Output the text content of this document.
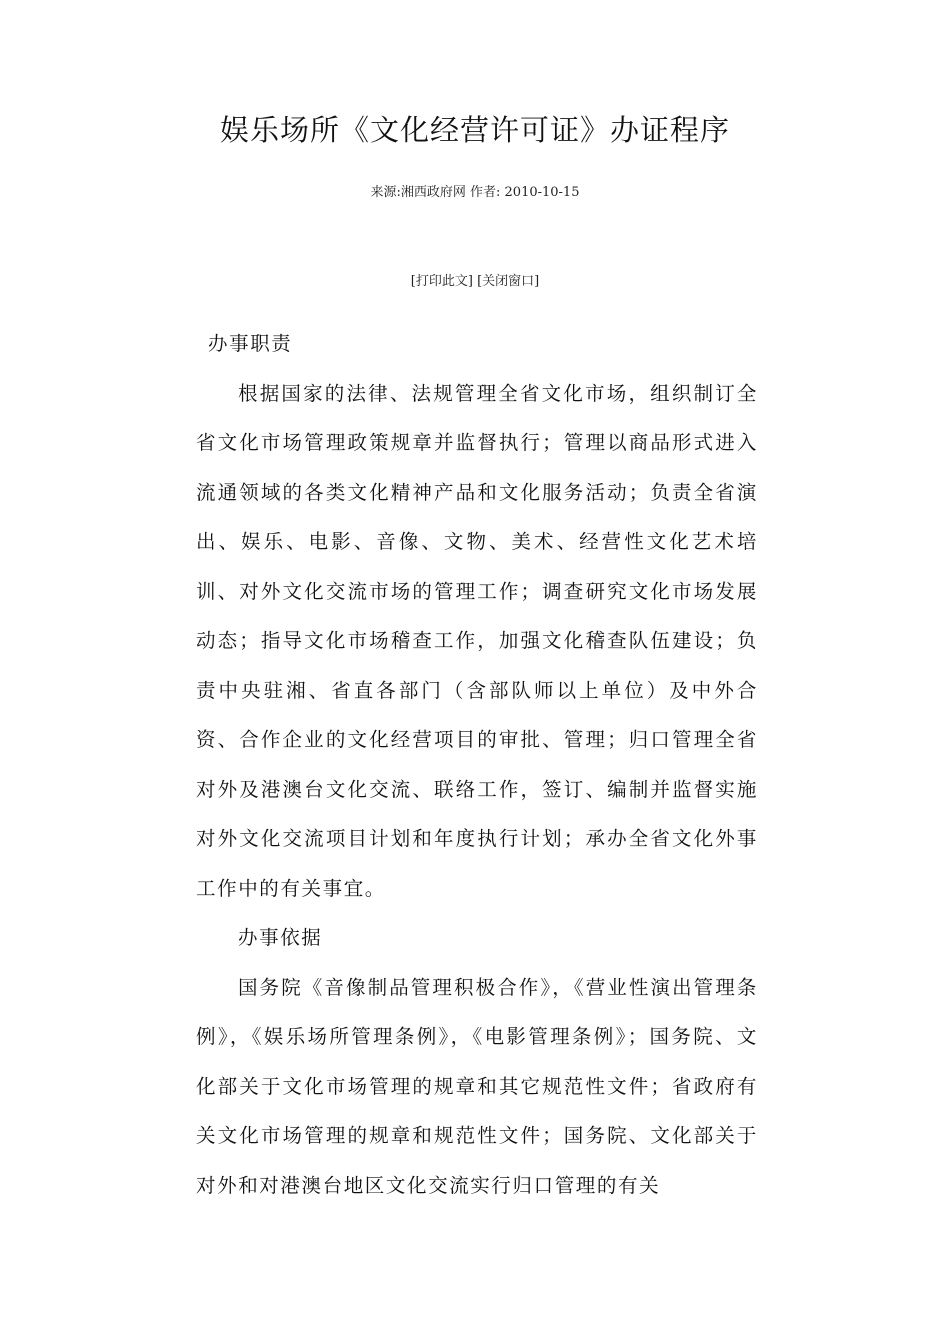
娱乐场所《文化经营许可证》办证程序
来源:湘西政府网 作者: 2010-10-15
[打印此文] [关闭窗口]

办事职责

根据国家的法律、法规管理全省文化市场，组织制订全省文化市场管理政策规章并监督执行；管理以商品形式进入流通领域的各类文化精神产品和文化服务活动；负责全省演出、娱乐、电影、音像、文物、美术、经营性文化艺术培训、对外文化交流市场的管理工作；调查研究文化市场发展动态；指导文化市场稽查工作，加强文化稽查队伍建设；负责中央驻湘、省直各部门（含部队师以上单位）及中外合资、合作企业的文化经营项目的审批、管理；归口管理全省对外及港澳台文化交流、联络工作，签订、编制并监督实施对外文化交流项目计划和年度执行计划；承办全省文化外事工作中的有关事宜。

办事依据

国务院《音像制品管理积极合作》，《营业性演出管理条例》，《娱乐场所管理条例》，《电影管理条例》；国务院、文化部关于文化市场管理的规章和其它规范性文件；省政府有关文化市场管理的规章和规范性文件；国务院、文化部关于对外和对港澳台地区文化交流实行归口管理的有关
